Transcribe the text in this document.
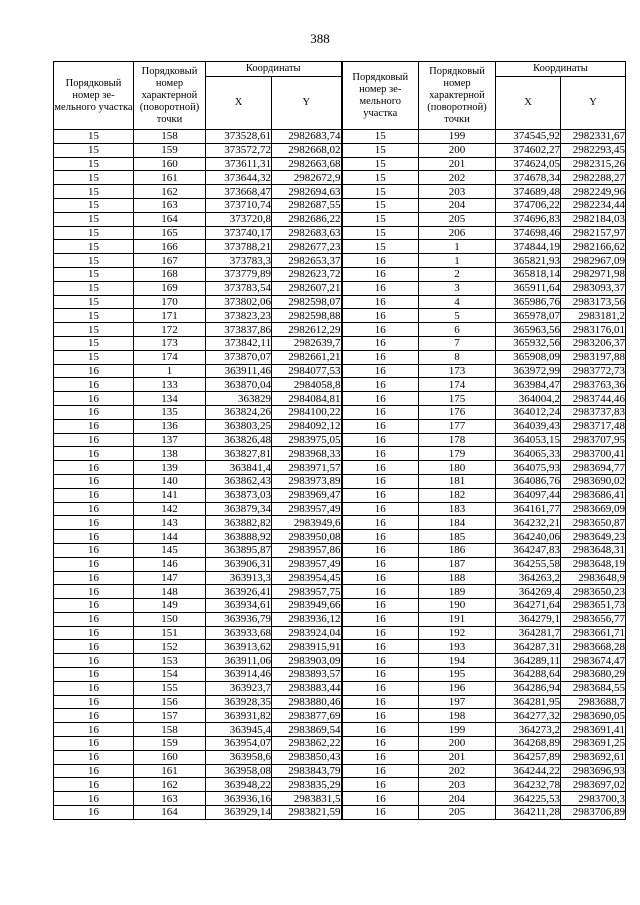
388
Порядковый номер зе-мельного участка	Порядковый номер характерной (поворотной) точки	Координаты		Порядковый номер зе-мельного участка	Порядковый номер характерной (поворотной) точки	Координаты	
		X	Y			X	Y
15	158	373528,61	2982683,74	15	199	374545,92	2982331,67
15	159	373572,72	2982668,02	15	200	374602,27	2982293,45
15	160	373611,31	2982663,68	15	201	374624,05	2982315,26
15	161	373644,32	2982672,9	15	202	374678,34	2982288,27
15	162	373668,47	2982694,63	15	203	374689,48	2982249,96
15	163	373710,74	2982687,55	15	204	374706,22	2982234,44
15	164	373720,8	2982686,22	15	205	374696,83	2982184,03
15	165	373740,17	2982683,63	15	206	374698,46	2982157,97
15	166	373788,21	2982677,23	15	1	374844,19	2982166,62
15	167	373783,3	2982653,37	16	1	365821,93	2982967,09
15	168	373779,89	2982623,72	16	2	365818,14	2982971,98
15	169	373783,54	2982607,21	16	3	365911,64	2983093,37
15	170	373802,06	2982598,07	16	4	365986,76	2983173,56
15	171	373823,23	2982598,88	16	5	365978,07	2983181,2
15	172	373837,86	2982612,29	16	6	365963,56	2983176,01
15	173	373842,11	2982639,7	16	7	365932,56	2983206,37
15	174	373870,07	2982661,21	16	8	365908,09	2983197,88
16	1	363911,46	2984077,53	16	173	363972,99	2983772,73
16	133	363870,04	2984058,8	16	174	363984,47	2983763,36
16	134	363829	2984084,81	16	175	364004,2	2983744,46
16	135	363824,26	2984100,22	16	176	364012,24	2983737,83
16	136	363803,25	2984092,12	16	177	364039,43	2983717,48
16	137	363826,48	2983975,05	16	178	364053,15	2983707,95
16	138	363827,81	2983968,33	16	179	364065,33	2983700,41
16	139	363841,4	2983971,57	16	180	364075,93	2983694,77
16	140	363862,43	2983973,89	16	181	364086,76	2983690,02
16	141	363873,03	2983969,47	16	182	364097,44	2983686,41
16	142	363879,34	2983957,49	16	183	364161,77	2983669,09
16	143	363882,82	2983949,6	16	184	364232,21	2983650,87
16	144	363888,92	2983950,08	16	185	364240,06	2983649,23
16	145	363895,87	2983957,86	16	186	364247,83	2983648,31
16	146	363906,31	2983957,49	16	187	364255,58	2983648,19
16	147	363913,3	2983954,45	16	188	364263,2	2983648,9
16	148	363926,41	2983957,75	16	189	364269,4	2983650,23
16	149	363934,61	2983949,66	16	190	364271,64	2983651,73
16	150	363936,79	2983936,12	16	191	364279,1	2983656,77
16	151	363933,68	2983924,04	16	192	364281,7	2983661,71
16	152	363913,62	2983915,91	16	193	364287,31	2983668,28
16	153	363911,06	2983903,09	16	194	364289,11	2983674,47
16	154	363914,46	2983893,57	16	195	364288,64	2983680,29
16	155	363923,7	2983883,44	16	196	364286,94	2983684,55
16	156	363928,35	2983880,46	16	197	364281,95	2983688,7
16	157	363931,82	2983877,69	16	198	364277,32	2983690,05
16	158	363945,4	2983869,54	16	199	364273,2	2983691,41
16	159	363954,07	2983862,22	16	200	364268,89	2983691,25
16	160	363958,6	2983850,43	16	201	364257,89	2983692,61
16	161	363958,08	2983843,79	16	202	364244,22	2983696,93
16	162	363948,22	2983835,29	16	203	364232,78	2983697,02
16	163	363936,16	2983831,5	16	204	364225,53	2983700,3
16	164	363929,14	2983821,59	16	205	364211,28	2983706,89
